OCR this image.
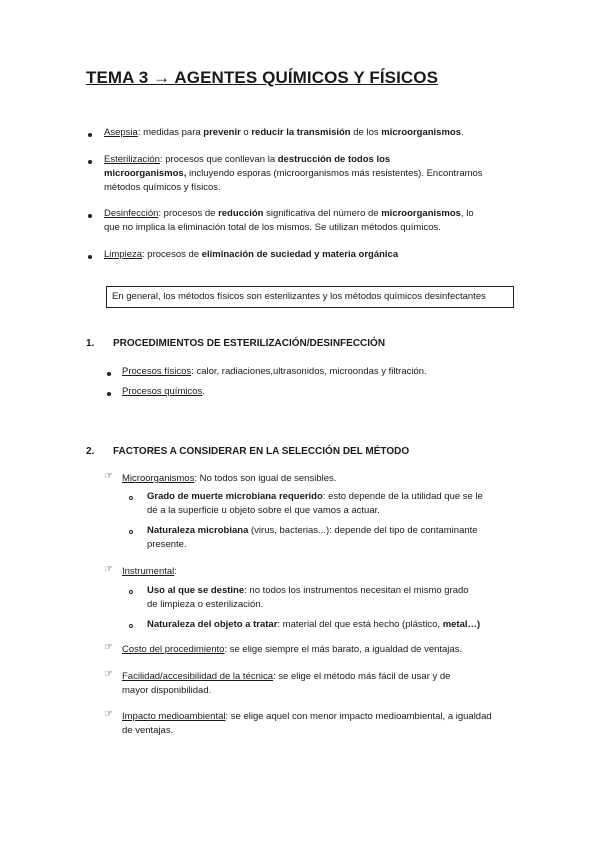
TEMA 3 → AGENTES QUÍMICOS Y FÍSICOS
Asepsia: medidas para prevenir o reducir la transmisión de los microorganismos.
Esterilización: procesos que conllevan la destrucción de todos los
microorganismos, incluyendo esporas (microorganismos más resistentes). Encontramos
métodos químicos y físicos.
Desinfección: procesos de reducción significativa del número de microorganismos, lo
que no implica la eliminación total de los mismos. Se utilizan métodos químicos.
Limpieza: procesos de eliminación de suciedad y materia orgánica
En general, los métodos físicos son esterilizantes y los métodos químicos desinfectantes
1. PROCEDIMIENTOS DE ESTERILIZACIÓN/DESINFECCIÓN
Procesos físicos: calor, radiaciones,ultrasonidos, microondas y filtración.
Procesos químicos.
2. FACTORES A CONSIDERAR EN LA SELECCIÓN DEL MÉTODO
☞ Microorganismos: No todos son igual de sensibles.
Grado de muerte microbiana requerido: esto depende de la utilidad que se le
dé a la superficie u objeto sobre el que vamos a actuar.
Naturaleza microbiana (virus, bacterias...): depende del tipo de contaminante
presente.
☞ Instrumental:
Uso al que se destine: no todos los instrumentos necesitan el mismo grado
de limpieza o esterilización.
Naturaleza del objeto a tratar: material del que está hecho (plástico, metal…)
☞ Costo del procedimiento: se elige siempre el más barato, a igualdad de ventajas.
☞ Facilidad/accesibilidad de la técnica: se elige el método más fácil de usar y de
mayor disponibilidad.
☞ Impacto medioambiental: se elige aquel con menor impacto medioambiental, a igualdad
de ventajas.
